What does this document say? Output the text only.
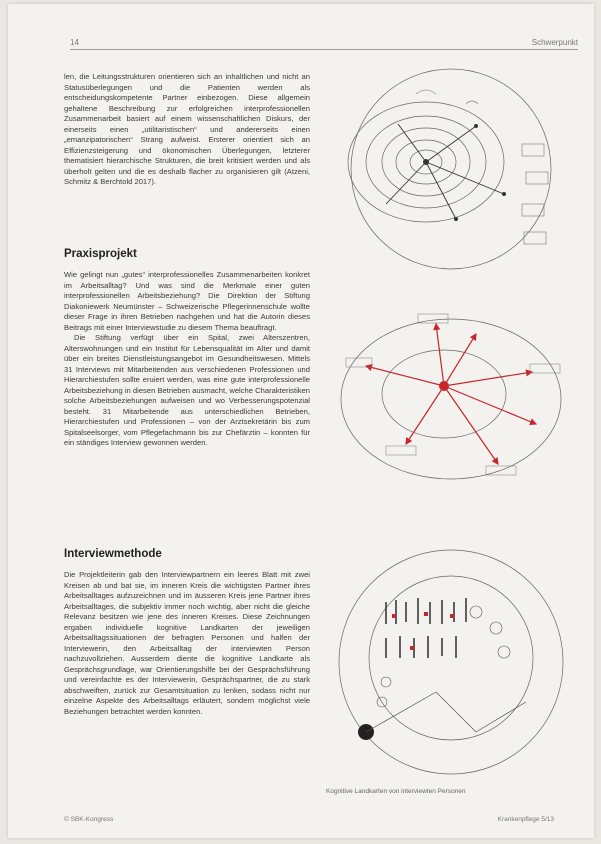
14	Schwerpunkt

len, die Leitungsstrukturen orientieren sich an inhaltlichen und nicht an Statusüberlegungen und die Patienten werden als entscheidungskompetente Partner einbezogen. Diese allgemein gehaltene Beschreibung zur erfolgreichen interprofessionellen Zusammenarbeit basiert auf einem wissenschaftlichen Diskurs, der einerseits einen „utilitaristischen“ und andererseits einen „emanzipatorischen“ Strang aufweist. Ersterer orientiert sich an Effizienzsteigerung und ökonomischen Überlegungen, letzterer thematisiert hierarchische Strukturen, die breit kritisiert werden und als überholt gelten und die es deshalb flacher zu organisieren gilt (Atzeni, Schmitz & Berchtold 2017).

Praxisprojekt

Wie gelingt nun „gutes“ interprofessionelles Zusammenarbeiten konkret im Arbeitsalltag? Und was sind die Merkmale einer guten interprofessionellen Arbeitsbeziehung? Die Direktion der Stiftung Diakoniewerk Neumünster – Schweizerische Pflegerinnenschule wollte dieser Frage in ihren Betrieben nachgehen und hat die Autorin dieses Beitrags mit einer Interviewstudie zu diesem Thema beauftragt.

Die Stiftung verfügt über ein Spital, zwei Alterszentren, Alterswohnungen und ein Institut für Lebensqualität im Alter und damit über ein breites Dienstleistungsangebot im Gesundheitswesen. Mittels 31 Interviews mit Mitarbeitenden aus verschiedenen Professionen und Hierarchiestufen sollte eruiert werden, was eine gute interprofessionelle Arbeitsbeziehung in diesen Betrieben ausmacht, welche Charakteristiken solche Arbeitsbeziehungen aufweisen und wo Verbesserungspotenzial besteht. 31 Mitarbeitende aus unterschiedlichen Betrieben, Hierarchiestufen und Professionen – von der Arztsekretärin bis zum Spitalseelsorger, vom Pflegefachmann bis zur Chefärztin – konnten für ein ständiges Interview gewonnen werden.

Interviewmethode

Die Projektleiterin gab den Interviewpartnern ein leeres Blatt mit zwei Kreisen ab und bat sie, im inneren Kreis die wichtigsten Partner ihres Arbeitsalltages aufzuzeichnen und im äusseren Kreis jene Partner ihres Arbeitsalltages, die subjektiv immer noch wichtig, aber nicht die gleiche Relevanz besitzen wie jene des inneren Kreises. Diese Zeichnungen ergaben individuelle kognitive Landkarten der jeweiligen Arbeitsalltagssituationen der befragten Personen und halfen der Interviewerin, den Arbeitsalltag der interviewten Person nachzuvollziehen. Ausserdem diente die kognitive Landkarte als Gesprächsgrundlage, war Orientierungshilfe bei der Gesprächsführung und vereinfachte es der Interviewerin, Gesprächspartner, die zu stark abschweiften, zurück zur Gesamtsituation zu lenken, sodass nicht nur einzelne Aspekte des Arbeitsalltags erläutert, sondern möglichst viele Beziehungen betrachtet werden konnten.

Kognitive Landkarten von interviewten Personen
© SBK-Kongress	Krankenpflege 5/13
